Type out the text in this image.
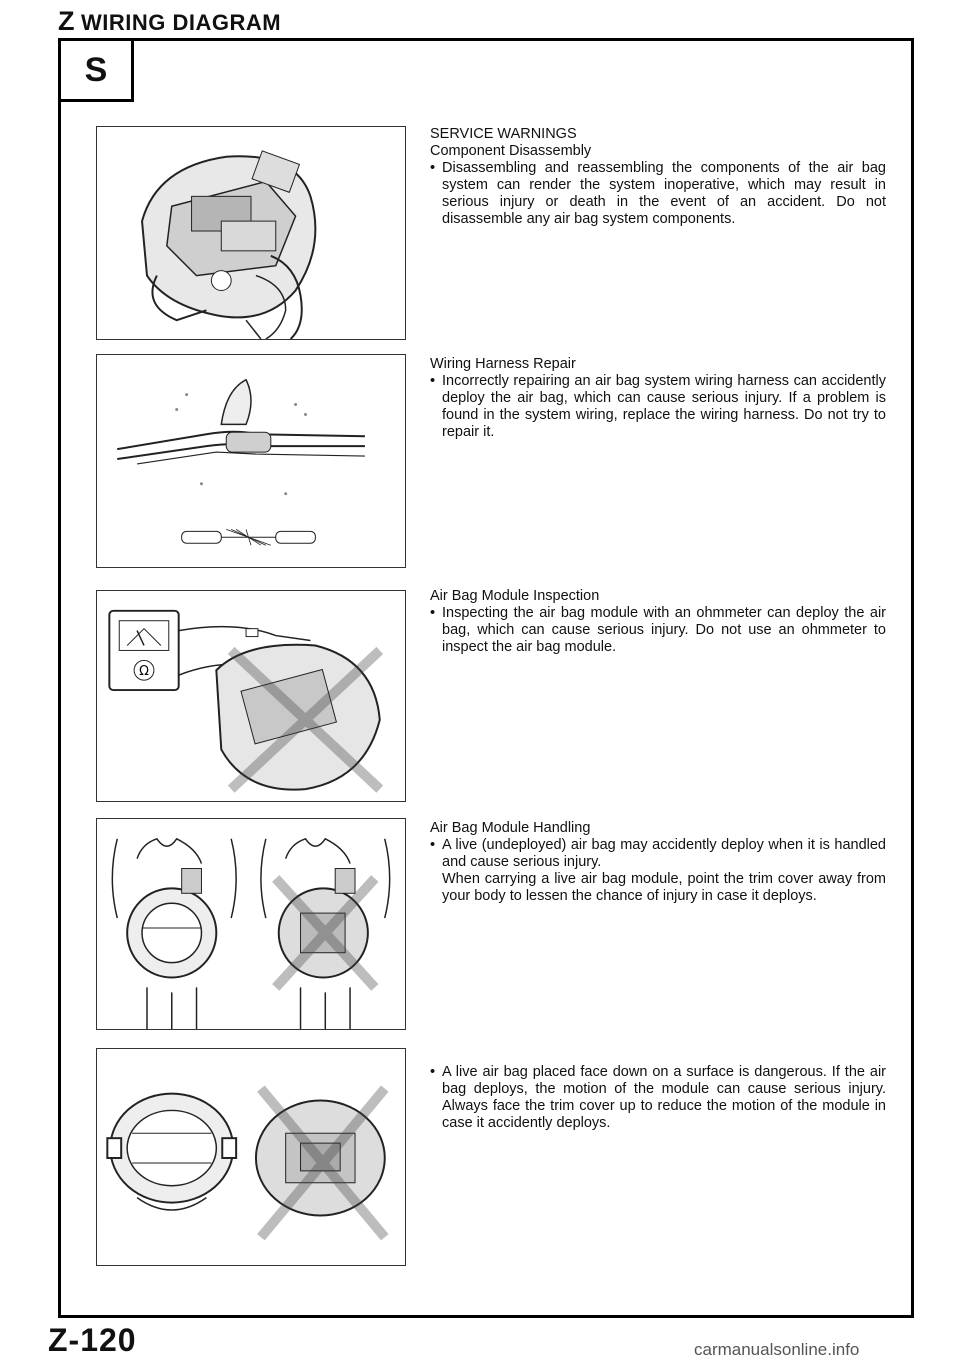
Z WIRING DIAGRAM
S
Ω
SERVICE WARNINGS
Component Disassembly
• Disassembling and reassembling the components of the air bag system can render the system inoperative, which may result in serious injury or death in the event of an accident. Do not disassemble any air bag system components.
Wiring Harness Repair
• Incorrectly repairing an air bag system wiring harness can accidently deploy the air bag, which can cause serious injury. If a problem is found in the system wiring, replace the wiring harness. Do not try to repair it.
Air Bag Module Inspection
• Inspecting the air bag module with an ohmmeter can deploy the air bag, which can cause serious injury. Do not use an ohmmeter to inspect the air bag module.
Air Bag Module Handling
• A live (undeployed) air bag may accidently deploy when it is handled and cause serious injury.
When carrying a live air bag module, point the trim cover away from your body to lessen the chance of injury in case it deploys.
• A live air bag placed face down on a surface is dangerous. If the air bag deploys, the motion of the module can cause serious injury. Always face the trim cover up to reduce the motion of the module in case it accidently deploys.
Z-120	carmanualsonline.info
